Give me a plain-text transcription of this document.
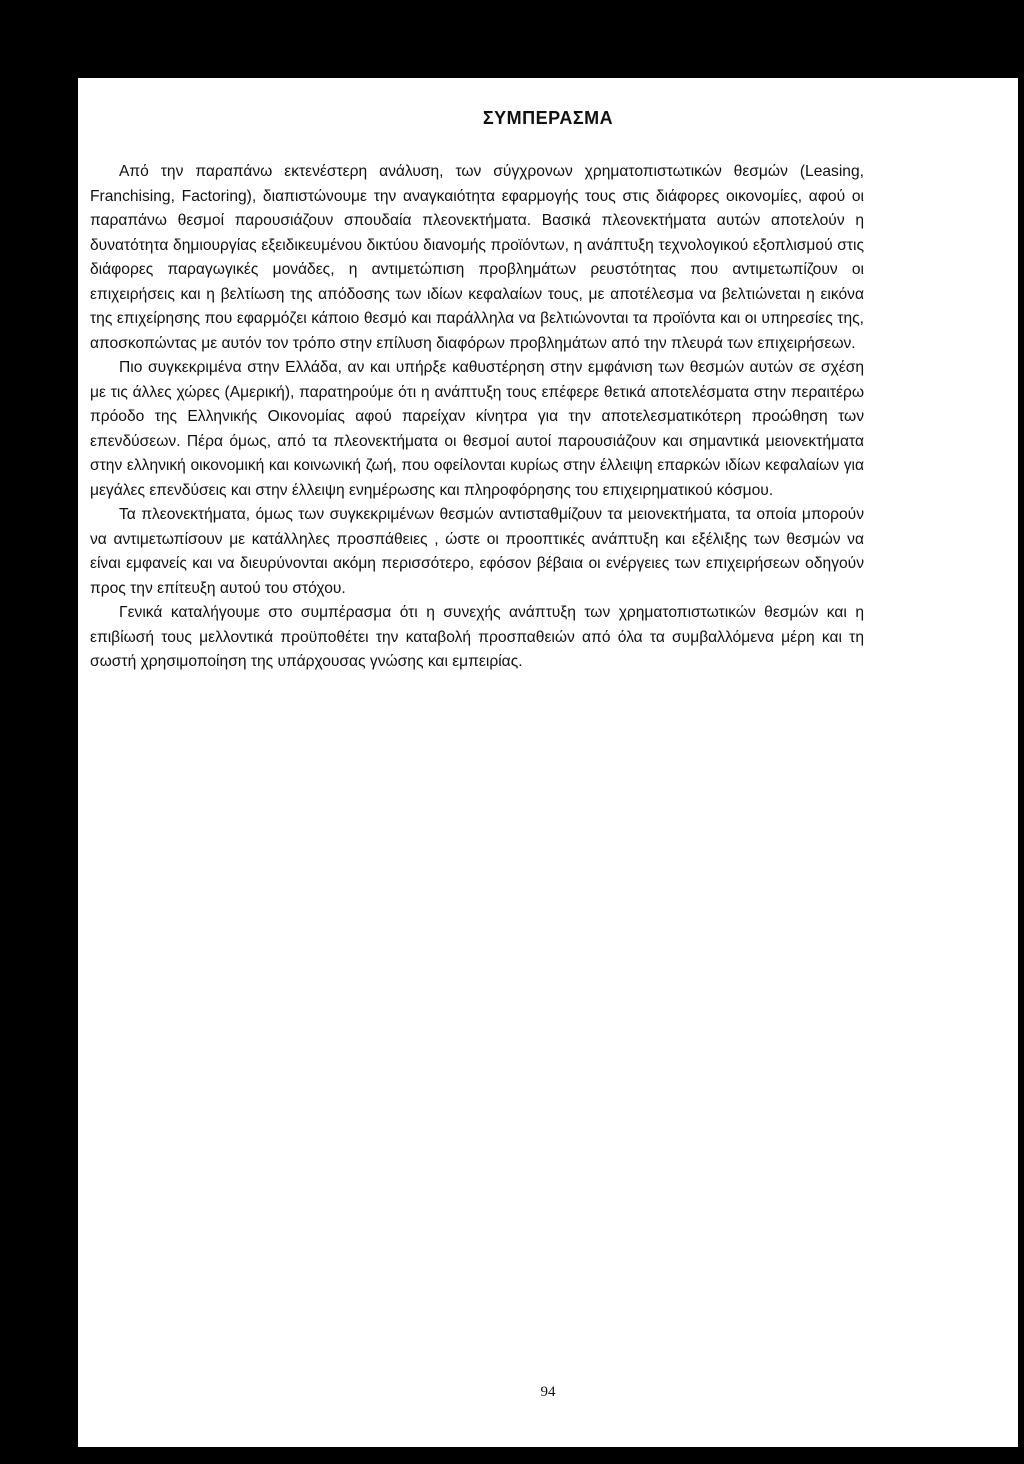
ΣΥΜΠΕΡΑΣΜΑ

Από την παραπάνω εκτενέστερη ανάλυση, των σύγχρονων χρηματοπιστωτικών θεσμών (Leasing, Franchising, Factoring), διαπιστώνουμε την αναγκαιότητα εφαρμογής τους στις διάφορες οικονομίες, αφού οι παραπάνω θεσμοί παρουσιάζουν σπουδαία πλεονεκτήματα. Βασικά πλεονεκτήματα αυτών αποτελούν η δυνατότητα δημιουργίας εξειδικευμένου δικτύου διανομής προϊόντων, η ανάπτυξη τεχνολογικού εξοπλισμού στις διάφορες παραγωγικές μονάδες, η αντιμετώπιση προβλημάτων ρευστότητας που αντιμετωπίζουν οι επιχειρήσεις και η βελτίωση της απόδοσης των ιδίων κεφαλαίων τους, με αποτέλεσμα να βελτιώνεται η εικόνα της επιχείρησης που εφαρμόζει κάποιο θεσμό και παράλληλα να βελτιώνονται τα προϊόντα και οι υπηρεσίες της, αποσκοπώντας με αυτόν τον τρόπο στην επίλυση διαφόρων προβλημάτων από την πλευρά των επιχειρήσεων.

Πιο συγκεκριμένα στην Ελλάδα, αν και υπήρξε καθυστέρηση στην εμφάνιση των θεσμών αυτών σε σχέση με τις άλλες χώρες (Αμερική), παρατηρούμε ότι η ανάπτυξη τους επέφερε θετικά αποτελέσματα στην περαιτέρω πρόοδο της Ελληνικής Οικονομίας αφού παρείχαν κίνητρα για την αποτελεσματικότερη προώθηση των επενδύσεων. Πέρα όμως, από τα πλεονεκτήματα οι θεσμοί αυτοί παρουσιάζουν και σημαντικά μειονεκτήματα στην ελληνική οικονομική και κοινωνική ζωή, που οφείλονται κυρίως στην έλλειψη επαρκών ιδίων κεφαλαίων για μεγάλες επενδύσεις και στην έλλειψη ενημέρωσης και πληροφόρησης του επιχειρηματικού κόσμου.

Τα πλεονεκτήματα, όμως των συγκεκριμένων θεσμών αντισταθμίζουν τα μειονεκτήματα, τα οποία μπορούν να αντιμετωπίσουν με κατάλληλες προσπάθειες , ώστε οι προοπτικές ανάπτυξη και εξέλιξης των θεσμών να είναι εμφανείς και να διευρύνονται ακόμη περισσότερο, εφόσον βέβαια οι ενέργειες των επιχειρήσεων οδηγούν προς την επίτευξη αυτού του στόχου.

Γενικά καταλήγουμε στο συμπέρασμα ότι η συνεχής ανάπτυξη των χρηματοπιστωτικών θεσμών και η επιβίωσή τους μελλοντικά προϋποθέτει την καταβολή προσπαθειών από όλα τα συμβαλλόμενα μέρη και τη σωστή χρησιμοποίηση της υπάρχουσας γνώσης και εμπειρίας.

94
